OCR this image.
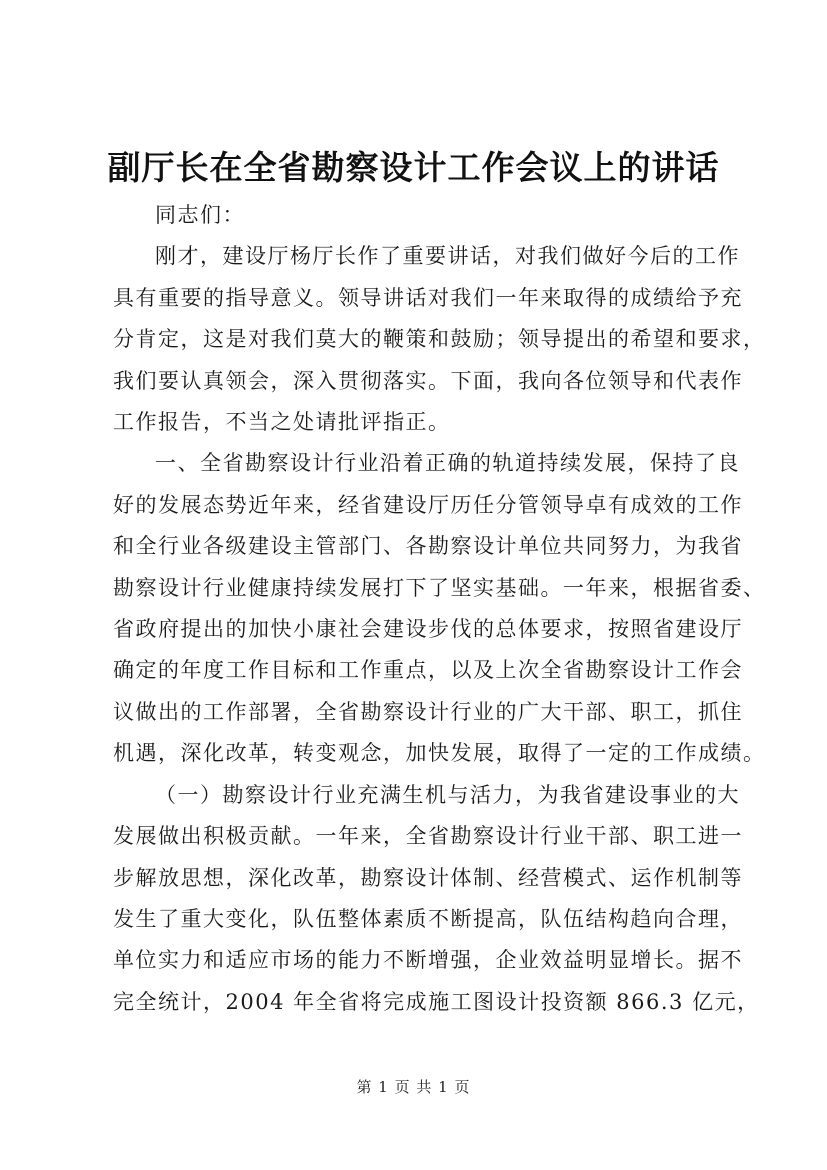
副厅长在全省勘察设计工作会议上的讲话
同志们：
刚才，建设厅杨厅长作了重要讲话，对我们做好今后的工作
具有重要的指导意义。领导讲话对我们一年来取得的成绩给予充
分肯定，这是对我们莫大的鞭策和鼓励；领导提出的希望和要求，
我们要认真领会，深入贯彻落实。下面，我向各位领导和代表作
工作报告，不当之处请批评指正。
一、全省勘察设计行业沿着正确的轨道持续发展，保持了良
好的发展态势近年来，经省建设厅历任分管领导卓有成效的工作
和全行业各级建设主管部门、各勘察设计单位共同努力，为我省
勘察设计行业健康持续发展打下了坚实基础。一年来，根据省委、
省政府提出的加快小康社会建设步伐的总体要求，按照省建设厅
确定的年度工作目标和工作重点，以及上次全省勘察设计工作会
议做出的工作部署，全省勘察设计行业的广大干部、职工，抓住
机遇，深化改革，转变观念，加快发展，取得了一定的工作成绩。
（一）勘察设计行业充满生机与活力，为我省建设事业的大
发展做出积极贡献。一年来，全省勘察设计行业干部、职工进一
步解放思想，深化改革，勘察设计体制、经营模式、运作机制等
发生了重大变化，队伍整体素质不断提高，队伍结构趋向合理，
单位实力和适应市场的能力不断增强，企业效益明显增长。据不
完全统计，2004 年全省将完成施工图设计投资额 866.3 亿元，
第 1 页 共 1 页
